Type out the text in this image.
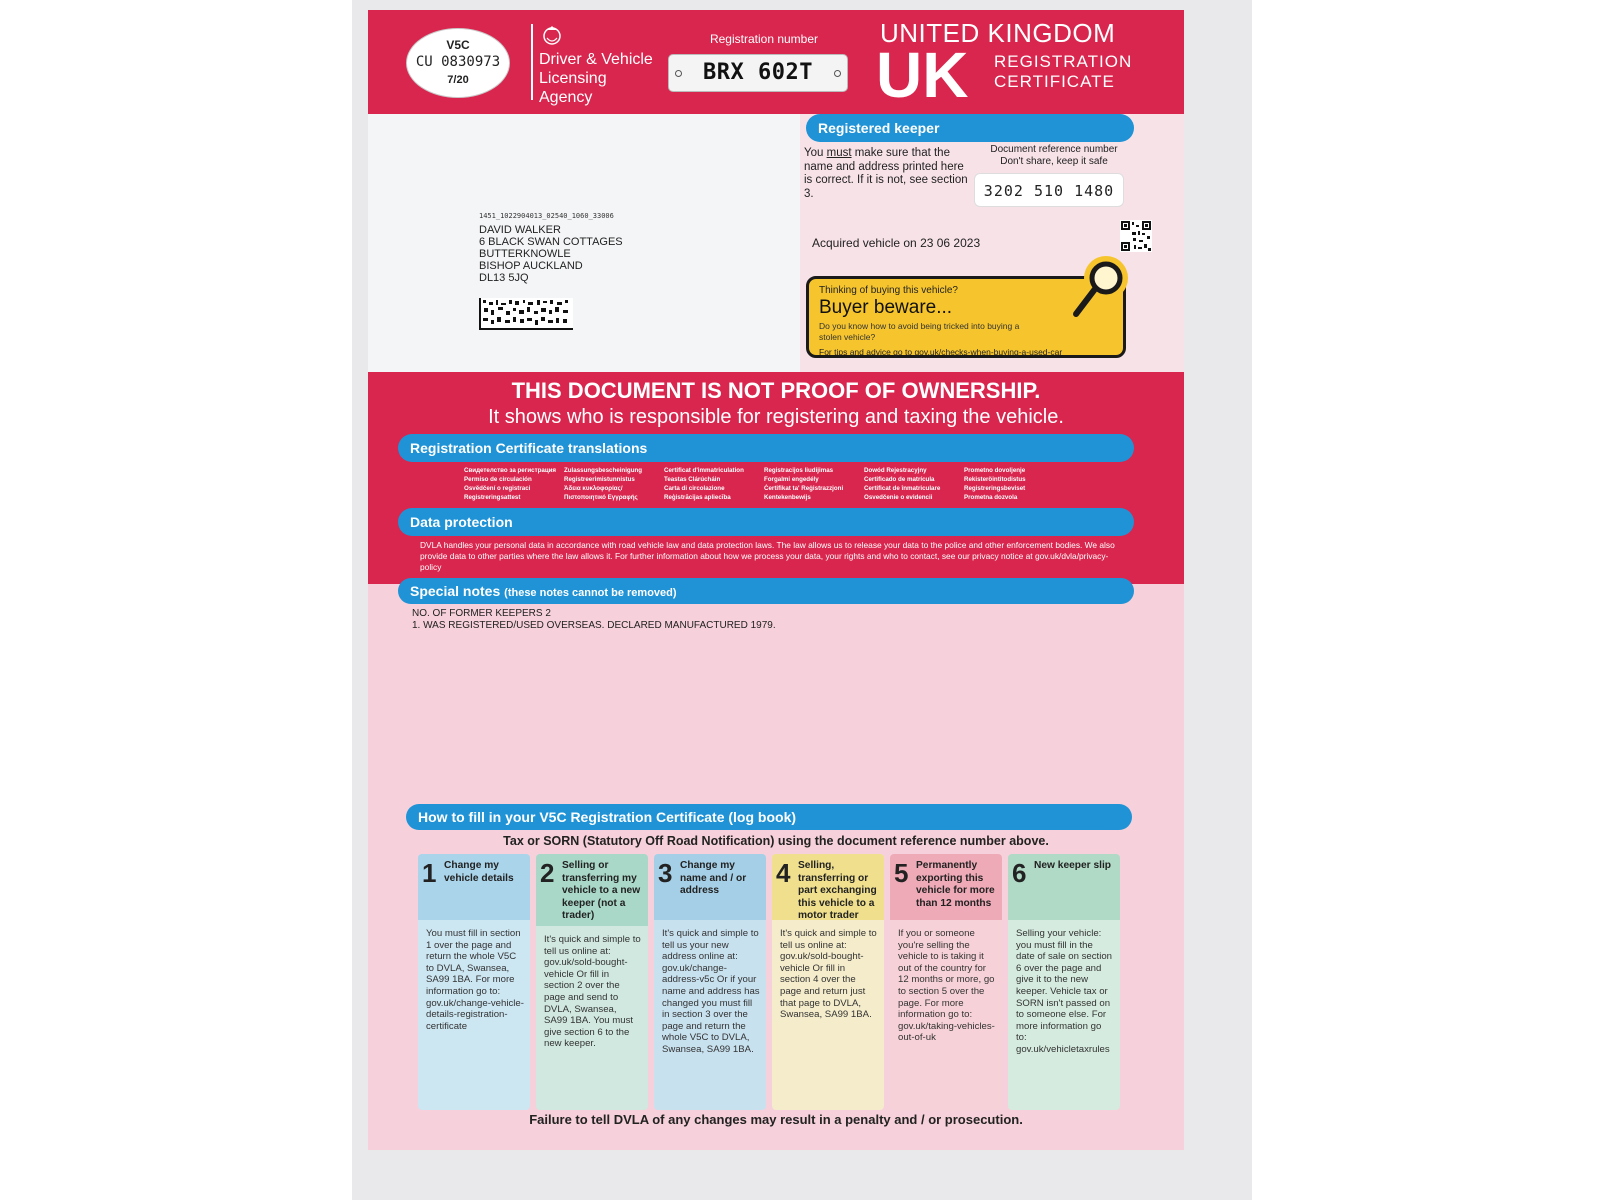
V5C
CU 0830973
7/20
Driver & Vehicle
Licensing
Agency
Registration number
BRX 602T
UNITED KINGDOM
UK REGISTRATION
CERTIFICATE
1451_1022904013_02540_1060_33006
DAVID WALKER
6 BLACK SWAN COTTAGES
BUTTERKNOWLE
BISHOP AUCKLAND
DL13 5JQ
Registered keeper
You must make sure that the name and address printed here is correct. If it is not, see section 3.
Document reference number Don't share, keep it safe
3202 510 1480
Acquired vehicle on 23 06 2023
Thinking of buying this vehicle?
Buyer beware...
Do you know how to avoid being tricked into buying a stolen vehicle?
For tips and advice go to gov.uk/checks-when-buying-a-used-car
THIS DOCUMENT IS NOT PROOF OF OWNERSHIP.
It shows who is responsible for registering and taxing the vehicle.
Registration Certificate translations
Свидетелство за регистрация
Permiso de circulación
Osvědčení o registraci
Registreringsattest
Zulassungsbescheinigung
Registreerimistunnistus
Άδεια κυκλοφορίας/
Πιστοποιητικό Εγγραφής
Certificat d'immatriculation
Teastas Clárúcháin
Carta di circolazione
Reģistrācijas apliecība
Registracijos liudijimas
Forgalmi engedély
Ċertifikat ta' Reġistrazzjoni
Kentekenbewijs
Dowód Rejestracyjny
Certificado de matrícula
Certificat de înmatriculare
Osvedčenie o evidencii
Prometno dovoljenje
Rekisteröintitodistus
Registreringsbeviset
Prometna dozvola
Data protection
DVLA handles your personal data in accordance with road vehicle law and data protection laws. The law allows us to release your data to the police and other enforcement bodies. We also provide data to other parties where the law allows it. For further information about how we process your data, your rights and who to contact, see our privacy notice at gov.uk/dvla/privacy-policy
Special notes (these notes cannot be removed)
NO. OF FORMER KEEPERS 2
1. WAS REGISTERED/USED OVERSEAS. DECLARED MANUFACTURED 1979.
How to fill in your V5C Registration Certificate (log book)
Tax or SORN (Statutory Off Road Notification) using the document reference number above.
1 Change my vehicle details
You must fill in section 1 over the page and return the whole V5C to DVLA, Swansea, SA99 1BA. For more information go to: gov.uk/change-vehicle-details-registration-certificate
2 Selling or transferring my vehicle to a new keeper (not a trader)
It's quick and simple to tell us online at: gov.uk/sold-bought-vehicle Or fill in section 2 over the page and send to DVLA, Swansea, SA99 1BA. You must give section 6 to the new keeper.
3 Change my name and / or address
It's quick and simple to tell us your new address online at: gov.uk/change-address-v5c Or if your name and address has changed you must fill in section 3 over the page and return the whole V5C to DVLA, Swansea, SA99 1BA.
4 Selling, transferring or part exchanging this vehicle to a motor trader
It's quick and simple to tell us online at: gov.uk/sold-bought-vehicle Or fill in section 4 over the page and return just that page to DVLA, Swansea, SA99 1BA.
5 Permanently exporting this vehicle for more than 12 months
If you or someone you're selling the vehicle to is taking it out of the country for 12 months or more, go to section 5 over the page. For more information go to: gov.uk/taking-vehicles-out-of-uk
6 New keeper slip
Selling your vehicle: you must fill in the date of sale on section 6 over the page and give it to the new keeper. Vehicle tax or SORN isn't passed on to someone else. For more information go to: gov.uk/vehicletaxrules
Failure to tell DVLA of any changes may result in a penalty and / or prosecution.
